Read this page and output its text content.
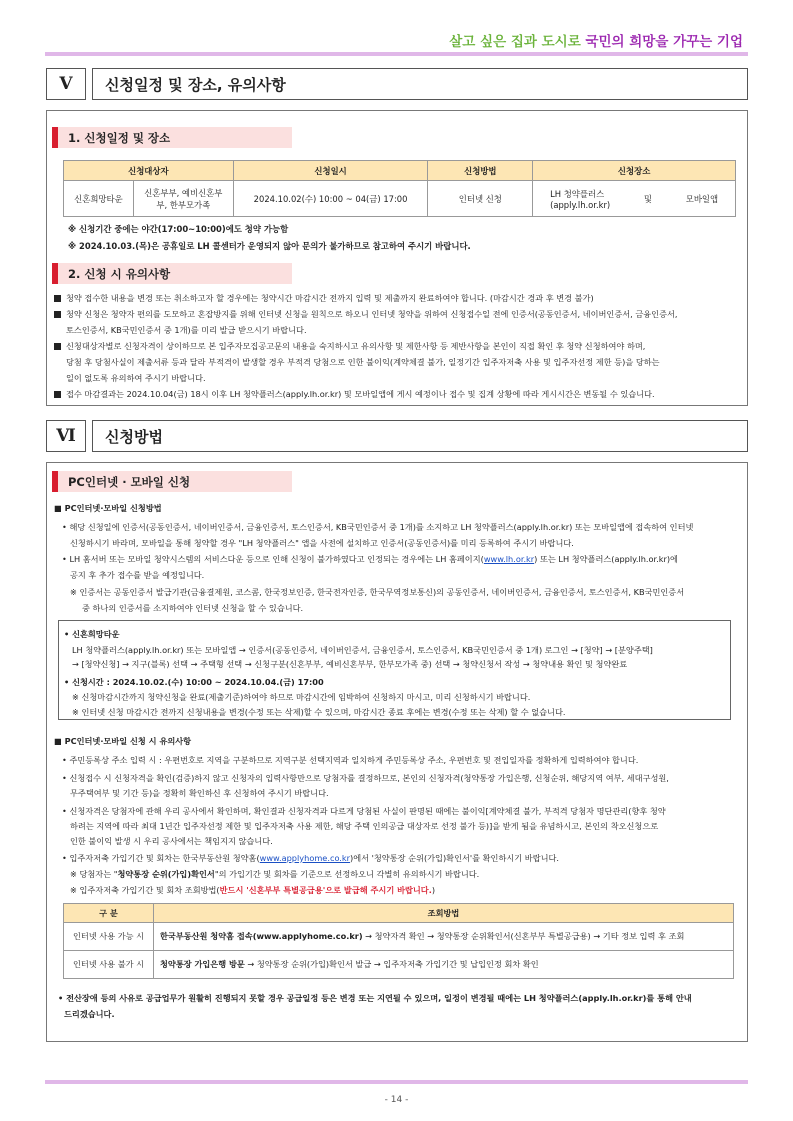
살고 싶은 집과 도시로 국민의 희망을 가꾸는 기업
Ⅴ	신청일정 및 장소, 유의사항
1. 신청일정 및 장소
신청대상자		신청일시	신청방법	신청장소
신혼희망타운	신혼부부, 예비신혼부부, 한부모가족	2024.10.02(수) 10:00 ~ 04(금) 17:00	인터넷 신청	LH 청약플러스
(apply.lh.or.kr)
및 모바일앱
※ 신청기간 중에는 야간(17:00~10:00)에도 청약 가능함
※ 2024.10.03.(목)은 공휴일로 LH 콜센터가 운영되지 않아 문의가 불가하므로 참고하여 주시기 바랍니다.
2. 신청 시 유의사항
청약 접수한 내용을 변경 또는 취소하고자 할 경우에는 청약시간 마감시간 전까지 입력 및 제출까지 완료하여야 합니다. (마감시간 경과 후 변경 불가)
청약 신청은 청약자 편의를 도모하고 혼잡방지를 위해 인터넷 신청을 원칙으로 하오니 인터넷 청약을 위하여 신청접수일 전에 인증서(공동인증서, 네이버인증서, 금융인증서,
토스인증서, KB국민인증서 중 1개)를 미리 발급 받으시기 바랍니다.
신청대상자별로 신청자격이 상이하므로 본 입주자모집공고문의 내용을 숙지하시고 유의사항 및 제한사항 등 제반사항을 본인이 직접 확인 후 청약 신청하여야 하며,
당첨 후 당첨사실이 제출서류 등과 달라 부적격이 발생할 경우 부적격 당첨으로 인한 불이익(계약체결 불가, 일정기간 입주자저축 사용 및 입주자선정 제한 등)을 당하는
일이 없도록 유의하여 주시기 바랍니다.
접수 마감결과는 2024.10.04(금) 18시 이후 LH 청약플러스(apply.lh.or.kr) 및 모바일앱에 게시 예정이나 접수 및 집계 상황에 따라 게시시간은 변동될 수 있습니다.
Ⅵ	신청방법
PC인터넷 · 모바일 신청
■ PC인터넷·모바일 신청방법
• 해당 신청일에 인증서(공동인증서, 네이버인증서, 금융인증서, 토스인증서, KB국민인증서 중 1개)를 소지하고 LH 청약플러스(apply.lh.or.kr) 또는 모바일앱에 접속하여 인터넷
신청하시기 바라며, 모바일을 통해 청약할 경우 "LH 청약플러스" 앱을 사전에 설치하고 인증서(공동인증서)를 미리 등록하여 주시기 바랍니다.
• LH 홈서버 또는 모바일 청약시스템의 서비스다운 등으로 인해 신청이 불가하였다고 인정되는 경우에는 LH 홈페이지(www.lh.or.kr) 또는 LH 청약플러스(apply.lh.or.kr)에
공지 후 추가 접수를 받을 예정입니다.
※ 인증서는 공동인증서 발급기관(금융결제원, 코스콤, 한국정보인증, 한국전자인증, 한국무역정보통신)의 공동인증서, 네이버인증서, 금융인증서, 토스인증서, KB국민인증서
중 하나의 인증서를 소지하여야 인터넷 신청을 할 수 있습니다.
• 신혼희망타운
LH 청약플러스(apply.lh.or.kr) 또는 모바일앱 → 인증서(공동인증서, 네이버인증서, 금융인증서, 토스인증서, KB국민인증서 중 1개) 로그인 → [청약] → [분양주택]
→ [청약신청] → 지구(블록) 선택 → 주택형 선택 → 신청구분(신혼부부, 예비신혼부부, 한부모가족 중) 선택 → 청약신청서 작성 → 청약내용 확인 및 청약완료
• 신청시간 : 2024.10.02.(수) 10:00 ~ 2024.10.04.(금) 17:00
※ 신청마감시간까지 청약신청을 완료(제출기준)하여야 하므로 마감시간에 임박하여 신청하지 마시고, 미리 신청하시기 바랍니다.
※ 인터넷 신청 마감시간 전까지 신청내용을 변경(수정 또는 삭제)할 수 있으며, 마감시간 종료 후에는 변경(수정 또는 삭제) 할 수 없습니다.
■ PC인터넷·모바일 신청 시 유의사항
• 주민등록상 주소 입력 시 : 우편번호로 지역을 구분하므로 지역구분 선택지역과 일치하게 주민등록상 주소, 우편번호 및 전입일자를 정확하게 입력하여야 합니다.
• 신청접수 시 신청자격을 확인(검증)하지 않고 신청자의 입력사항만으로 당첨자를 결정하므로, 본인의 신청자격(청약통장 가입은행, 신청순위, 해당지역 여부, 세대구성원,
무주택여부 및 기간 등)을 정확히 확인하신 후 신청하여 주시기 바랍니다.
• 신청자격은 당첨자에 관해 우리 공사에서 확인하며, 확인결과 신청자격과 다르게 당첨된 사실이 판명된 때에는 불이익[계약체결 불가, 부적격 당첨자 명단관리(향후 청약
하려는 지역에 따라 최대 1년간 입주자선정 제한 및 입주자저축 사용 제한, 해당 주택 인의공급 대상자로 선정 불가 등)]을 받게 됨을 유념하시고, 본인의 착오신청으로
인한 불이익 발생 시 우리 공사에서는 책임지지 않습니다.
• 입주자저축 가입기간 및 회차는 한국부동산원 청약홈(www.applyhome.co.kr)에서 '청약통장 순위(가입)확인서'를 확인하시기 바랍니다.
※ 당첨자는 "청약통장 순위(가입)확인서"의 가입기간 및 회차를 기준으로 선정하오니 각별히 유의하시기 바랍니다.
※ 입주자저축 가입기간 및 회차 조회방법(반드시 '신혼부부 특별공급용'으로 발급해 주시기 바랍니다.)
구 분	조회방법
인터넷 사용 가능 시	한국부동산원 청약홈 접속(www.applyhome.co.kr) → 청약자격 확인 → 청약통장 순위확인서(신혼부부 특별공급용) → 기타 정보 입력 후 조회
인터넷 사용 불가 시	청약통장 가입은행 방문 → 청약통장 순위(가입)확인서 발급 → 입주자저축 가입기간 및 납입인정 회차 확인
• 전산장애 등의 사유로 공급업무가 원활히 진행되지 못할 경우 공급일정 등은 변경 또는 지연될 수 있으며, 일정이 변경될 때에는 LH 청약플러스(apply.lh.or.kr)를 통해 안내
드리겠습니다.
- 14 -
